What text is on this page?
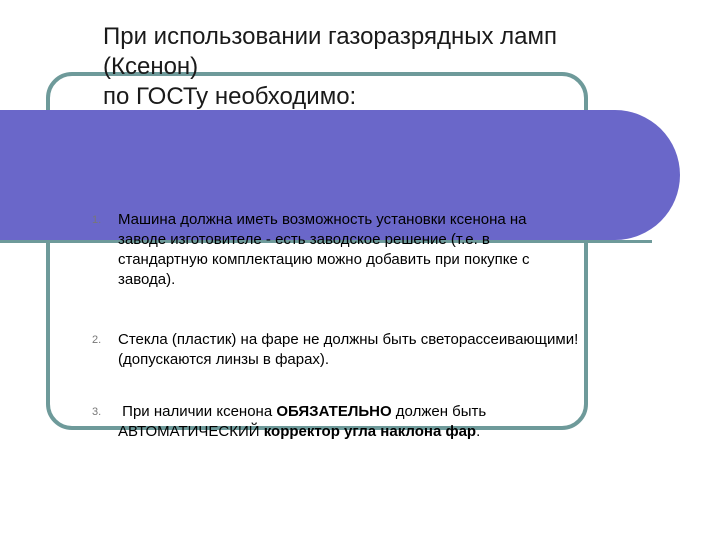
При использовании газоразрядных ламп
(Ксенон)
по ГОСТу необходимо:
1. Машина должна иметь возможность установки ксенона на
заводе изготовителе - есть заводское решение (т.е. в
стандартную комплектацию можно добавить при покупке с
завода).
2. Стекла (пластик) на фаре не должны быть светорассеивающими!
(допускаются линзы в фарах).
3. При наличии ксенона ОБЯЗАТЕЛЬНО должен быть
АВТОМАТИЧЕСКИЙ корректор угла наклона фар.
